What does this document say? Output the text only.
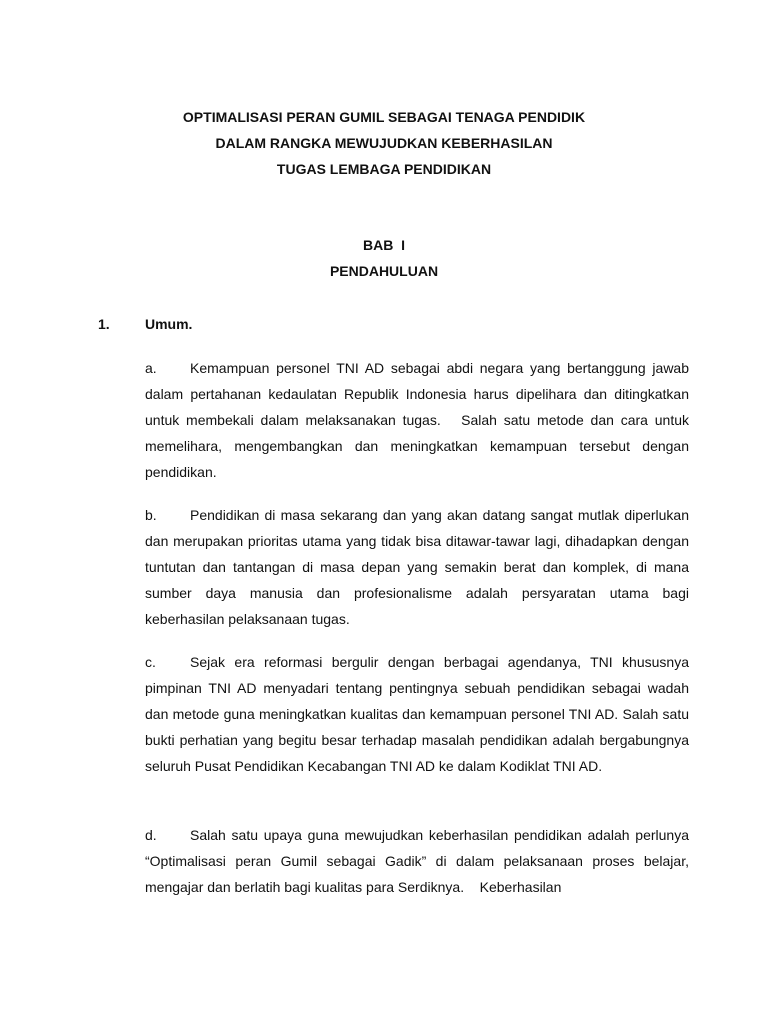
OPTIMALISASI PERAN GUMIL SEBAGAI TENAGA PENDIDIK
DALAM RANGKA MEWUJUDKAN KEBERHASILAN
TUGAS LEMBAGA PENDIDIKAN
BAB  I
PENDAHULUAN
1.	Umum.

a. Kemampuan personel TNI AD sebagai abdi negara yang bertanggung jawab dalam pertahanan kedaulatan Republik Indonesia harus dipelihara dan ditingkatkan untuk membekali dalam melaksanakan tugas.   Salah satu metode dan cara untuk memelihara, mengembangkan dan meningkatkan kemampuan tersebut dengan pendidikan.

b. Pendidikan di masa sekarang dan yang akan datang sangat mutlak diperlukan dan merupakan prioritas utama yang tidak bisa ditawar-tawar lagi, dihadapkan dengan tuntutan dan tantangan di masa depan yang semakin berat dan komplek, di mana sumber daya manusia dan profesionalisme adalah persyaratan utama bagi keberhasilan pelaksanaan tugas.

c. Sejak era reformasi bergulir dengan berbagai agendanya, TNI khususnya pimpinan TNI AD menyadari tentang pentingnya sebuah pendidikan sebagai wadah dan metode guna meningkatkan kualitas dan kemampuan personel TNI AD. Salah satu bukti perhatian yang begitu besar terhadap masalah pendidikan adalah bergabungnya seluruh Pusat Pendidikan Kecabangan TNI AD ke dalam Kodiklat TNI AD.

d. Salah satu upaya guna mewujudkan keberhasilan pendidikan adalah perlunya “Optimalisasi peran Gumil sebagai Gadik” di dalam pelaksanaan proses belajar, mengajar dan berlatih bagi kualitas para Serdiknya.    Keberhasilan
